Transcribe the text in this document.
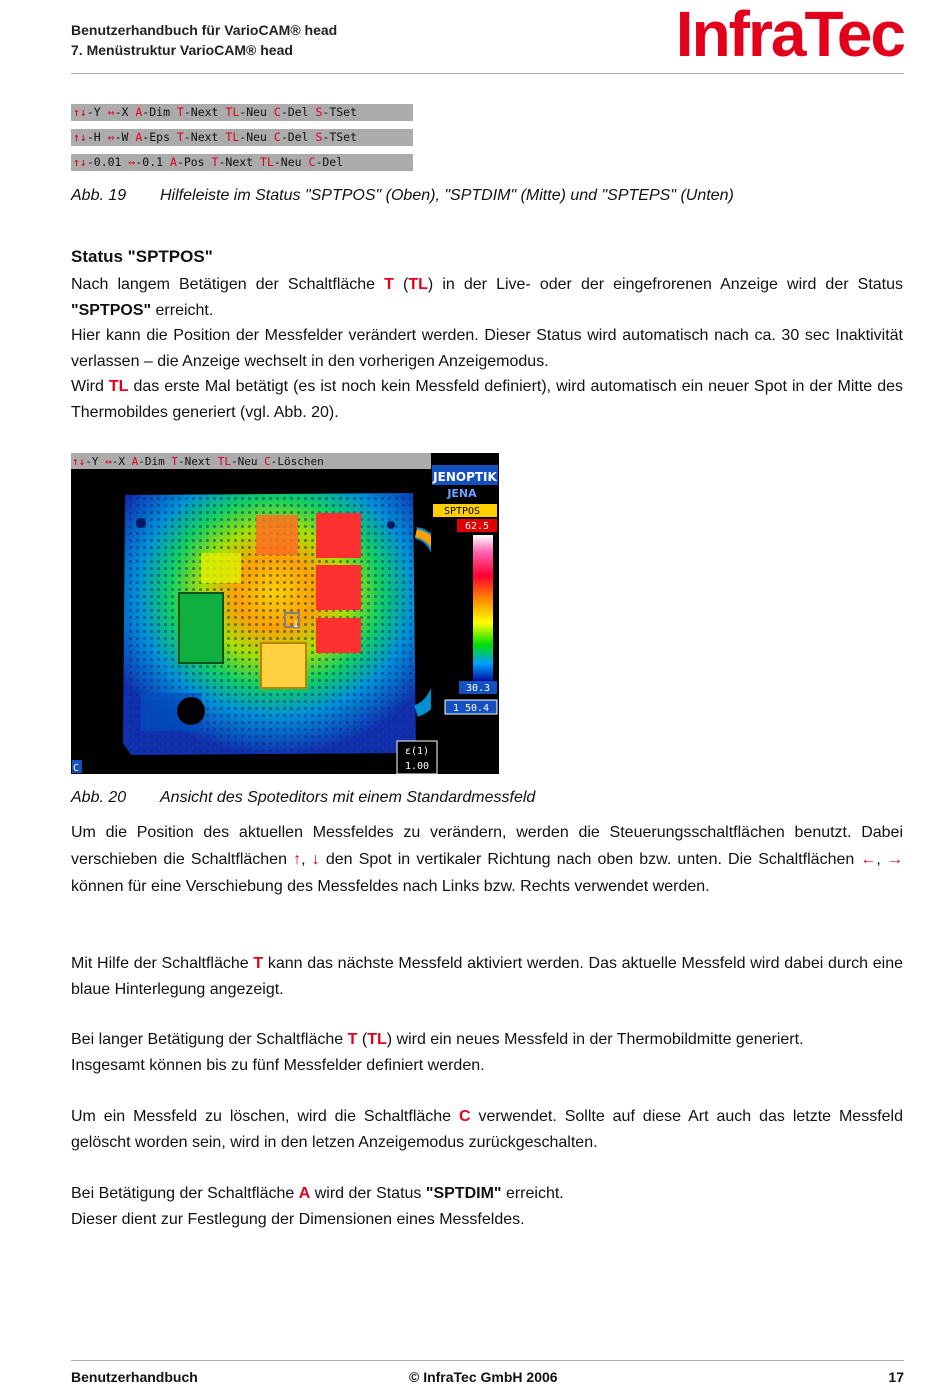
Benutzerhandbuch für VarioCAM® head
7. Menüstruktur VarioCAM® head	InfraTec
↑↓-Y ↔-X A-Dim T-Next TL-Neu C-Del S-TSet
↑↓-H ↔-W A-Eps T-Next TL-Neu C-Del S-TSet
↑↓-0.01 ↔-0.1 A-Pos T-Next TL-Neu C-Del
Abb. 19 Hilfeleiste im Status "SPTPOS" (Oben), "SPTDIM" (Mitte) und "SPTEPS" (Unten)
Status "SPTPOS"

Nach langem Betätigen der Schaltfläche T (TL) in der Live- oder der eingefrorenen Anzeige wird der Status "SPTPOS" erreicht.

Hier kann die Position der Messfelder verändert werden. Dieser Status wird automatisch nach ca. 30 sec Inaktivität verlassen – die Anzeige wechselt in den vorherigen Anzeigemodus.

Wird TL das erste Mal betätigt (es ist noch kein Messfeld definiert), wird automatisch ein neuer Spot in der Mitte des Thermobildes generiert (vgl. Abb. 20).

↑↓-Y ↔-X A-Dim T-Next TL-Neu C-Löschen
1
JENOPTIK
JENA
SPTPOS
62.5
30.3
1 50.4
ε(1)
1.00
C
Abb. 20 Ansicht des Spoteditors mit einem Standardmessfeld

Um die Position des aktuellen Messfeldes zu verändern, werden die Steuerungsschaltflächen benutzt. Dabei verschieben die Schaltflächen ↑, ↓ den Spot in vertikaler Richtung nach oben bzw. unten. Die Schaltflächen ←, → können für eine Verschiebung des Messfeldes nach Links bzw. Rechts verwendet werden.

Mit Hilfe der Schaltfläche T kann das nächste Messfeld aktiviert werden. Das aktuelle Messfeld wird dabei durch eine blaue Hinterlegung angezeigt.

Bei langer Betätigung der Schaltfläche T (TL) wird ein neues Messfeld in der Thermobildmitte generiert.

Insgesamt können bis zu fünf Messfelder definiert werden.

Um ein Messfeld zu löschen, wird die Schaltfläche C verwendet. Sollte auf diese Art auch das letzte Messfeld gelöscht worden sein, wird in den letzen Anzeigemodus zurückgeschalten.

Bei Betätigung der Schaltfläche A wird der Status "SPTDIM" erreicht.

Dieser dient zur Festlegung der Dimensionen eines Messfeldes.

Benutzerhandbuch	© InfraTec GmbH 2006	17
